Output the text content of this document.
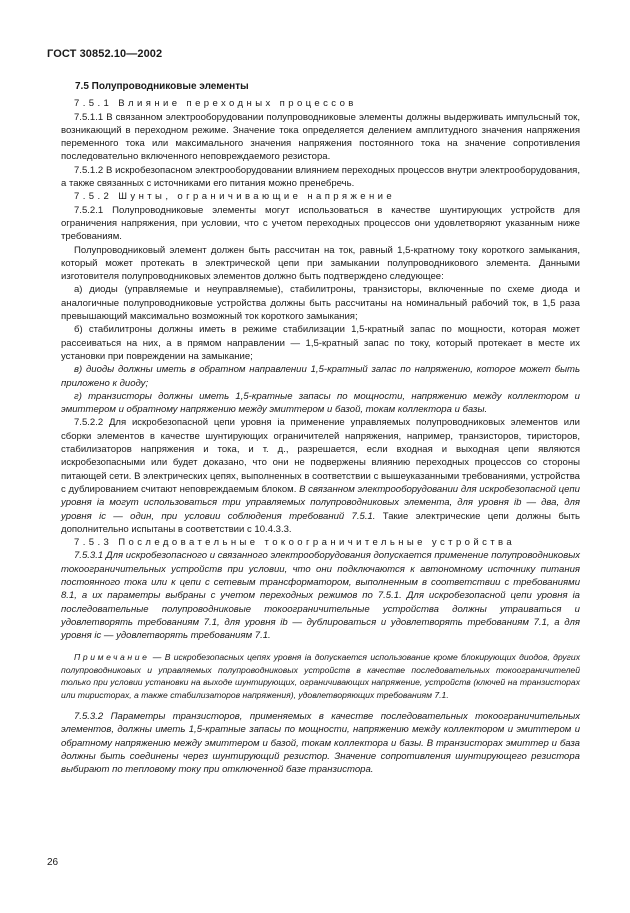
ГОСТ 30852.10—2002

7.5 Полупроводниковые элементы

7.5.1 Влияние переходных процессов

7.5.1.1 В связанном электрооборудовании полупроводниковые элементы должны выдерживать импульсный ток, возникающий в переходном режиме. Значение тока определяется делением амплитудного значения напряжения переменного тока или максимального значения напряжения постоянного тока на значение сопротивления последовательно включенного неповреждаемого резистора.

7.5.1.2 В искробезопасном электрооборудовании влиянием переходных процессов внутри электрооборудования, а также связанных с источниками его питания можно пренебречь.

7.5.2 Шунты, ограничивающие напряжение

7.5.2.1 Полупроводниковые элементы могут использоваться в качестве шунтирующих устройств для ограничения напряжения, при условии, что с учетом переходных процессов они удовлетворяют указанным ниже требованиям.

Полупроводниковый элемент должен быть рассчитан на ток, равный 1,5-кратному току короткого замыкания, который может протекать в электрической цепи при замыкании полупроводникового элемента. Данными изготовителя полупроводниковых элементов должно быть подтверждено следующее:

а) диоды (управляемые и неуправляемые), стабилитроны, транзисторы, включенные по схеме диода и аналогичные полупроводниковые устройства должны быть рассчитаны на номинальный рабочий ток, в 1,5 раза превышающий максимально возможный ток короткого замыкания;

б) стабилитроны должны иметь в режиме стабилизации 1,5-кратный запас по мощности, которая может рассеиваться на них, а в прямом направлении — 1,5-кратный запас по току, который протекает в месте их установки при повреждении на замыкание;

в) диоды должны иметь в обратном направлении 1,5-кратный запас по напряжению, которое может быть приложено к диоду;

г) транзисторы должны иметь 1,5-кратные запасы по мощности, напряжению между коллектором и эмиттером и обратному напряжению между эмиттером и базой, токам коллектора и базы.

7.5.2.2 Для искробезопасной цепи уровня ia применение управляемых полупроводниковых элементов или сборки элементов в качестве шунтирующих ограничителей напряжения, например, транзисторов, тиристоров, стабилизаторов напряжения и тока, и т. д., разрешается, если входная и выходная цепи являются искробезопасными или будет доказано, что они не подвержены влиянию переходных процессов со стороны питающей сети. В электрических цепях, выполненных в соответствии с вышеуказанными требованиями, устройства с дублированием считают неповреждаемым блоком. В связанном электрооборудовании для искробезопасной цепи уровня ia могут использоваться три управляемых полупроводниковых элемента, для уровня ib — два, для уровня ic — один, при условии соблюдения требований 7.5.1. Такие электрические цепи должны быть дополнительно испытаны в соответствии с 10.4.3.3.

7.5.3 Последовательные токоограничительные устройства

7.5.3.1 Для искробезопасного и связанного электрооборудования допускается применение полупроводниковых токоограничительных устройств при условии, что они подключаются к автономному источнику питания постоянного тока или к цепи с сетевым трансформатором, выполненным в соответствии с требованиями 8.1, а их параметры выбраны с учетом переходных режимов по 7.5.1. Для искробезопасной цепи уровня ia последовательные полупроводниковые токоограничительные устройства должны утраиваться и удовлетворять требованиям 7.1, для уровня ib — дублироваться и удовлетворять требованиям 7.1, а для уровня ic — удовлетворять требованиям 7.1.

Примечание — В искробезопасных цепях уровня ia допускается использование кроме блокирующих диодов, других полупроводниковых и управляемых полупроводниковых устройств в качестве последовательных токоограничителей только при условии установки на выходе шунтирующих, ограничивающих напряжение, устройств (ключей на транзисторах или тиристорах, а также стабилизаторов напряжения), удовлетворяющих требованиям 7.1.

7.5.3.2 Параметры транзисторов, применяемых в качестве последовательных токоограничительных элементов, должны иметь 1,5-кратные запасы по мощности, напряжению между коллектором и эмиттером и обратному напряжению между эмиттером и базой, токам коллектора и базы. В транзисторах эмиттер и база должны быть соединены через шунтирующий резистор. Значение сопротивления шунтирующего резистора выбирают по тепловому току при отключенной базе транзистора.

26
